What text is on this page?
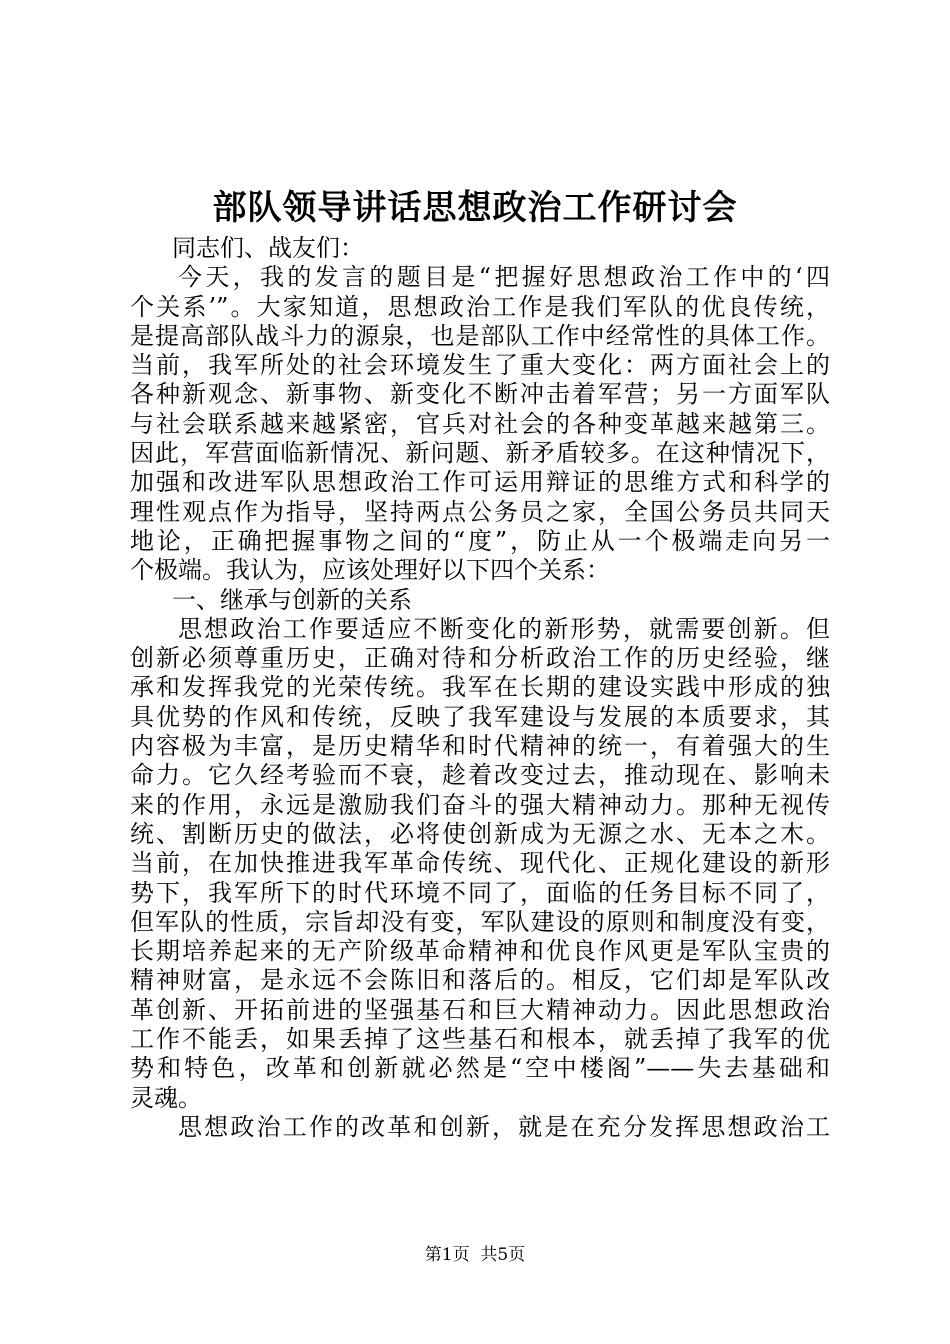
部队领导讲话思想政治工作研讨会
同志们、战友们：
今天，我的发言的题目是“把握好思想政治工作中的‘四
个关系’”。大家知道，思想政治工作是我们军队的优良传统，
是提高部队战斗力的源泉，也是部队工作中经常性的具体工作。
当前，我军所处的社会环境发生了重大变化：两方面社会上的
各种新观念、新事物、新变化不断冲击着军营；另一方面军队
与社会联系越来越紧密，官兵对社会的各种变革越来越第三。
因此，军营面临新情况、新问题、新矛盾较多。在这种情况下，
加强和改进军队思想政治工作可运用辩证的思维方式和科学的
理性观点作为指导，坚持两点公务员之家，全国公务员共同天
地论，正确把握事物之间的“度”，防止从一个极端走向另一
个极端。我认为，应该处理好以下四个关系：
一、继承与创新的关系
思想政治工作要适应不断变化的新形势，就需要创新。但
创新必须尊重历史，正确对待和分析政治工作的历史经验，继
承和发挥我党的光荣传统。我军在长期的建设实践中形成的独
具优势的作风和传统，反映了我军建设与发展的本质要求，其
内容极为丰富，是历史精华和时代精神的统一，有着强大的生
命力。它久经考验而不衰，趁着改变过去，推动现在、影响未
来的作用，永远是激励我们奋斗的强大精神动力。那种无视传
统、割断历史的做法，必将使创新成为无源之水、无本之木。
当前，在加快推进我军革命传统、现代化、正规化建设的新形
势下，我军所下的时代环境不同了，面临的任务目标不同了，
但军队的性质，宗旨却没有变，军队建设的原则和制度没有变，
长期培养起来的无产阶级革命精神和优良作风更是军队宝贵的
精神财富，是永远不会陈旧和落后的。相反，它们却是军队改
革创新、开拓前进的坚强基石和巨大精神动力。因此思想政治
工作不能丢，如果丢掉了这些基石和根本，就丢掉了我军的优
势和特色，改革和创新就必然是“空中楼阁”——失去基础和
灵魂。
思想政治工作的改革和创新，就是在充分发挥思想政治工
第1页  共5页
